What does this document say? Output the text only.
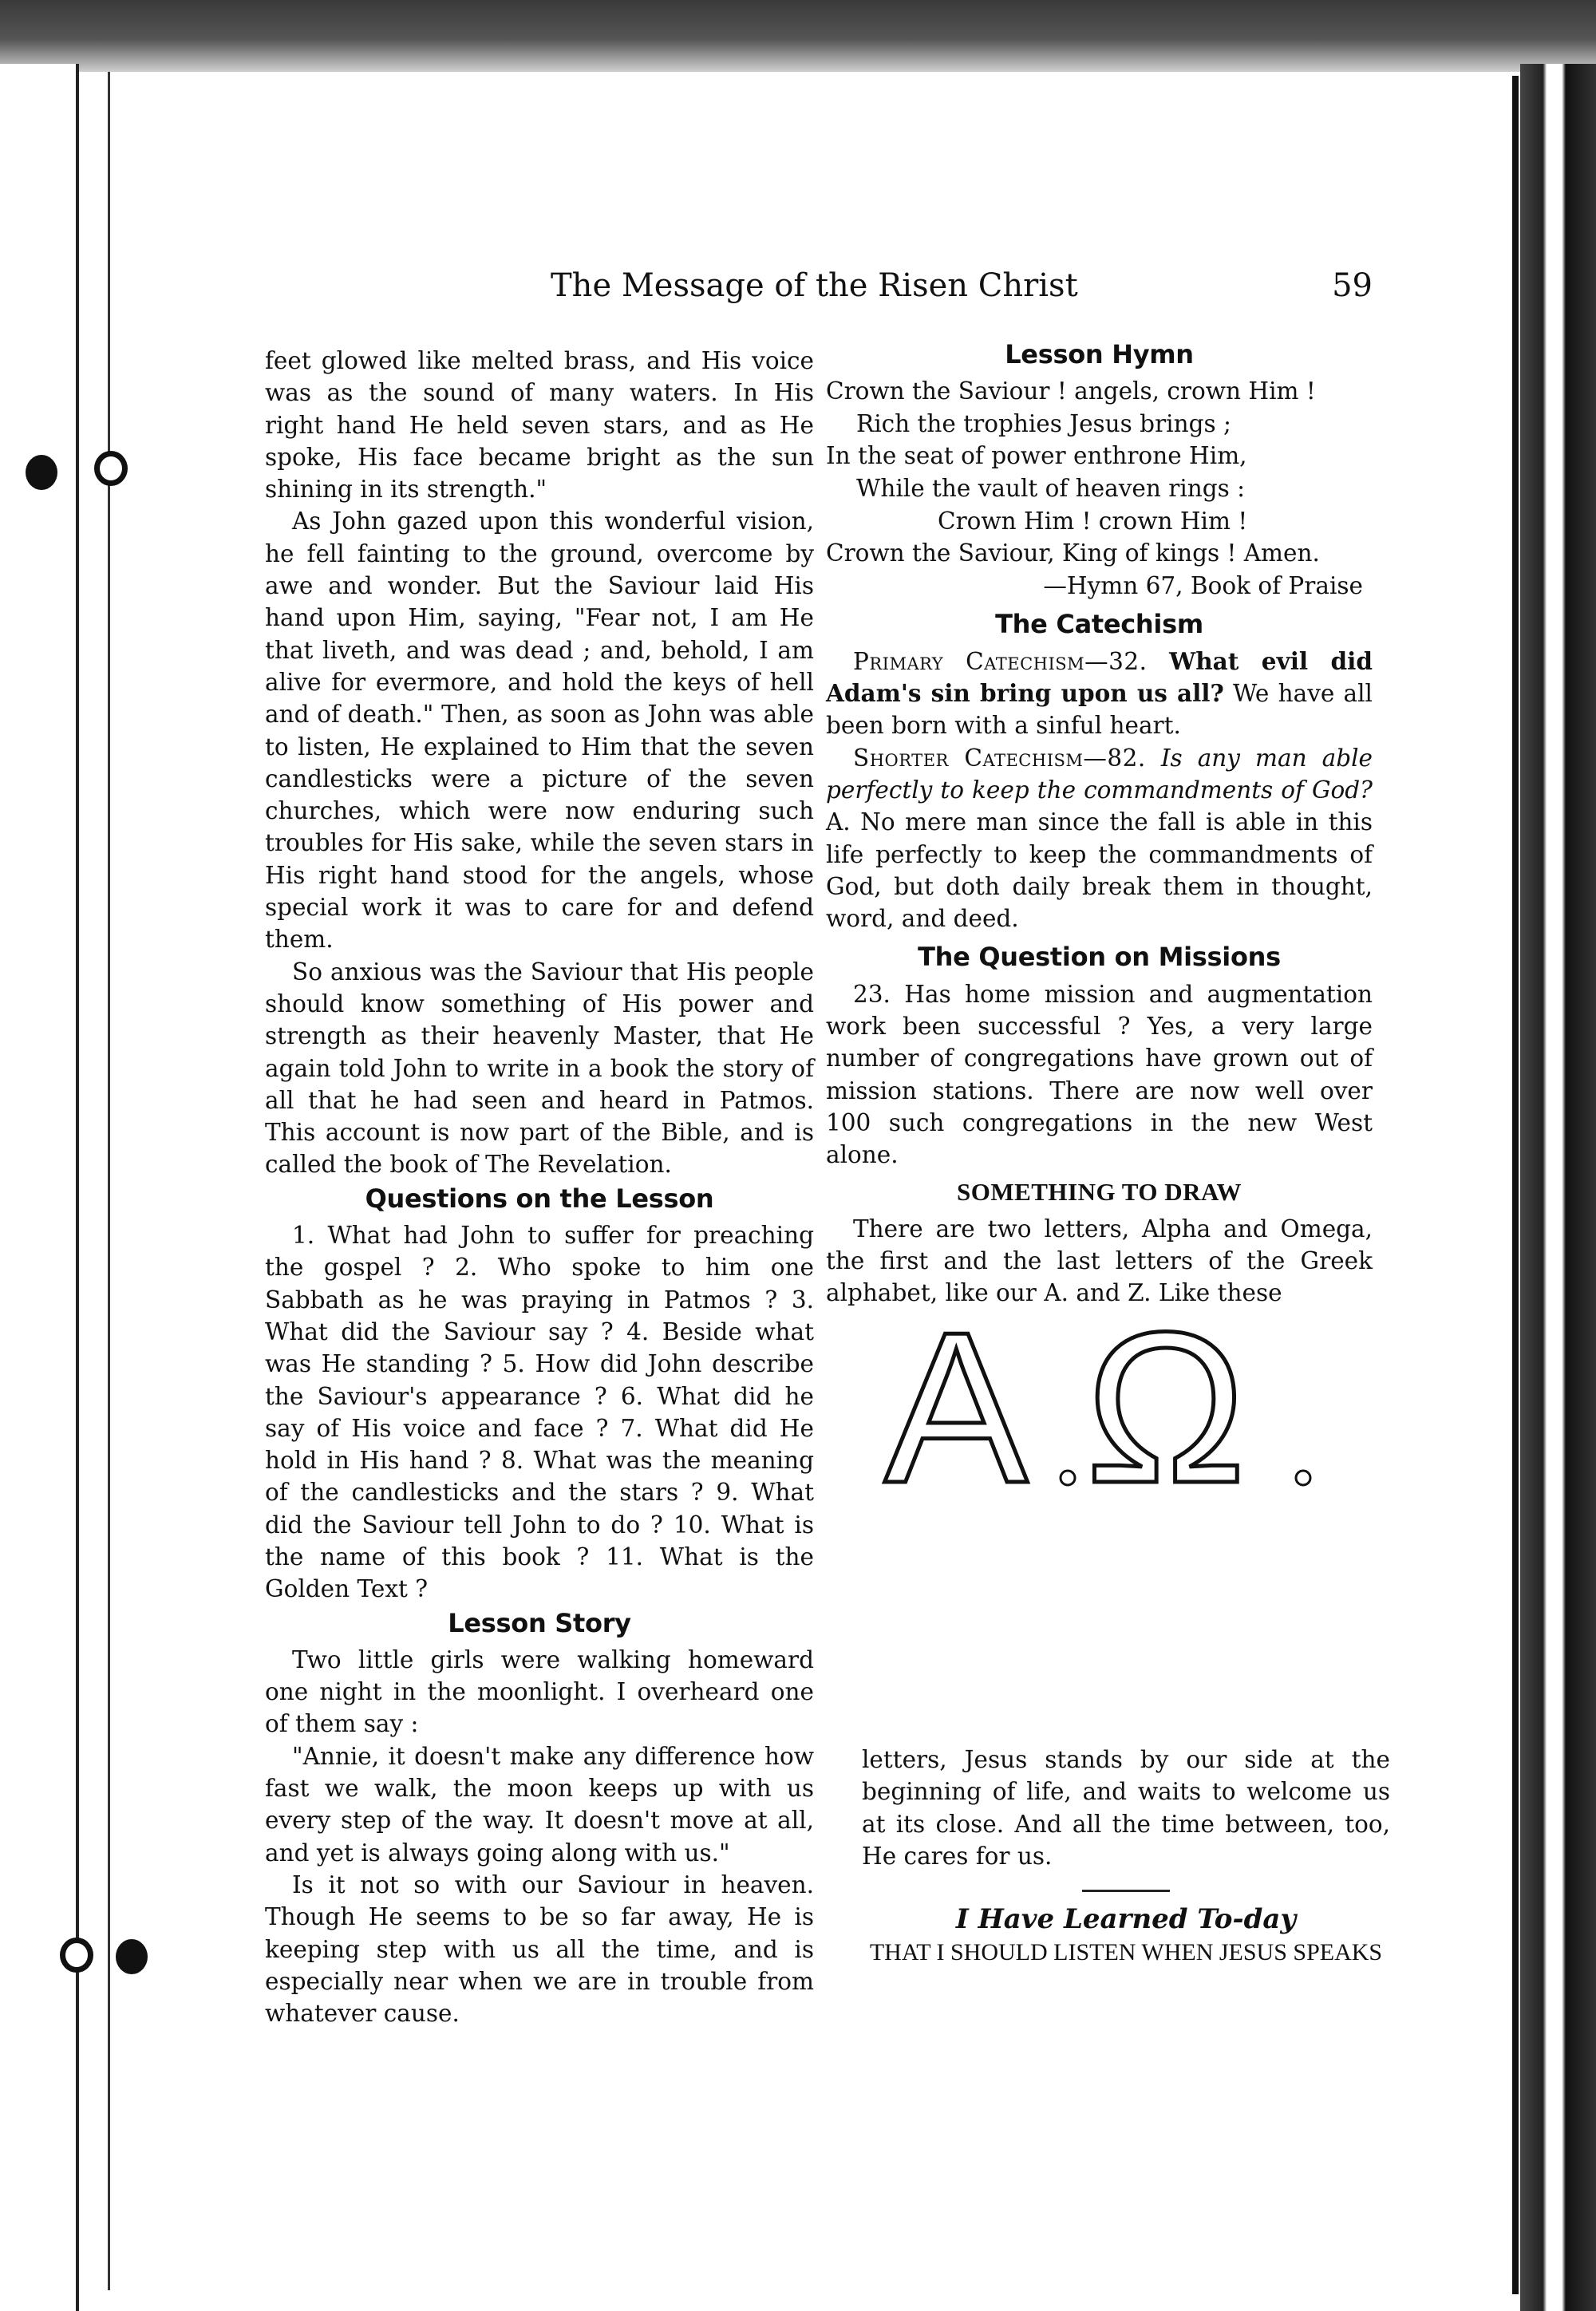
The Message of the Risen Christ	59

feet glowed like melted brass, and His voice was as the sound of many waters. In His right hand He held seven stars, and as He spoke, His face became bright as the sun shining in its strength."

As John gazed upon this wonderful vision, he fell fainting to the ground, overcome by awe and wonder. But the Saviour laid His hand upon Him, saying, "Fear not, I am He that liveth, and was dead ; and, behold, I am alive for evermore, and hold the keys of hell and of death." Then, as soon as John was able to listen, He explained to Him that the seven candlesticks were a picture of the seven churches, which were now enduring such troubles for His sake, while the seven stars in His right hand stood for the angels, whose special work it was to care for and defend them.

So anxious was the Saviour that His people should know something of His power and strength as their heavenly Master, that He again told John to write in a book the story of all that he had seen and heard in Patmos. This account is now part of the Bible, and is called the book of The Revelation.

Questions on the Lesson

1. What had John to suffer for preaching the gospel ? 2. Who spoke to him one Sabbath as he was praying in Patmos ? 3. What did the Saviour say ? 4. Beside what was He standing ? 5. How did John describe the Saviour's appearance ? 6. What did he say of His voice and face ? 7. What did He hold in His hand ? 8. What was the meaning of the candlesticks and the stars ? 9. What did the Saviour tell John to do ? 10. What is the name of this book ? 11. What is the Golden Text ?

Lesson Story

Two little girls were walking homeward one night in the moonlight. I overheard one of them say :

"Annie, it doesn't make any difference how fast we walk, the moon keeps up with us every step of the way. It doesn't move at all, and yet is always going along with us."

Is it not so with our Saviour in heaven. Though He seems to be so far away, He is keeping step with us all the time, and is especially near when we are in trouble from whatever cause.

Lesson Hymn
Crown the Saviour ! angels, crown Him !
Rich the trophies Jesus brings ;
In the seat of power enthrone Him,
While the vault of heaven rings :
Crown Him ! crown Him !
Crown the Saviour, King of kings ! Amen.
—Hymn 67, Book of Praise
The Catechism

Primary Catechism—32. What evil did Adam's sin bring upon us all? We have all been born with a sinful heart.

Shorter Catechism—82. Is any man able perfectly to keep the commandments of God? A. No mere man since the fall is able in this life perfectly to keep the commandments of God, but doth daily break them in thought, word, and deed.

The Question on Missions

23. Has home mission and augmentation work been successful ? Yes, a very large number of congregations have grown out of mission stations. There are now well over 100 such congregations in the new West alone.

SOMETHING TO DRAW

There are two letters, Alpha and Omega, the first and the last letters of the Greek alphabet, like our A. and Z. Like these

A Ω

letters, Jesus stands by our side at the beginning of life, and waits to welcome us at its close. And all the time between, too, He cares for us.

I Have Learned To-day
THAT I SHOULD LISTEN WHEN JESUS SPEAKS
